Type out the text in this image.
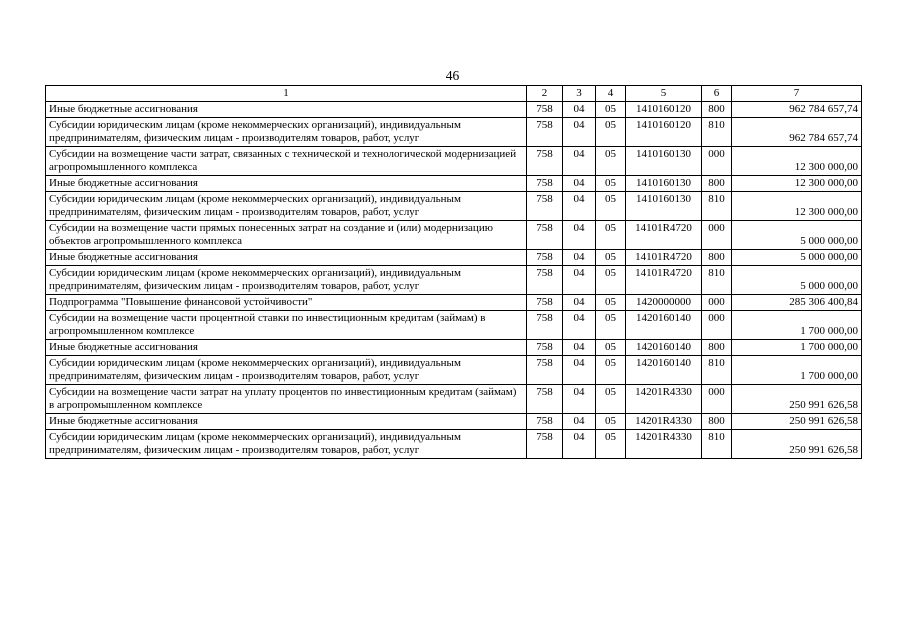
46
1	2	3	4	5	6	7
Иные бюджетные ассигнования	758	04	05	1410160120	800	962 784 657,74
Субсидии юридическим лицам (кроме некоммерческих организаций), индивидуальным предпринимателям, физическим лицам - производителям товаров, работ, услуг	758	04	05	1410160120	810	962 784 657,74
Субсидии на возмещение части затрат, связанных с технической и технологической модернизацией агропромышленного комплекса	758	04	05	1410160130	000	12 300 000,00
Иные бюджетные ассигнования	758	04	05	1410160130	800	12 300 000,00
Субсидии юридическим лицам (кроме некоммерческих организаций), индивидуальным предпринимателям, физическим лицам - производителям товаров, работ, услуг	758	04	05	1410160130	810	12 300 000,00
Субсидии на возмещение части прямых понесенных затрат на создание и (или) модернизацию объектов агропромышленного комплекса	758	04	05	14101R4720	000	5 000 000,00
Иные бюджетные ассигнования	758	04	05	14101R4720	800	5 000 000,00
Субсидии юридическим лицам (кроме некоммерческих организаций), индивидуальным предпринимателям, физическим лицам - производителям товаров, работ, услуг	758	04	05	14101R4720	810	5 000 000,00
Подпрограмма "Повышение финансовой устойчивости"	758	04	05	1420000000	000	285 306 400,84
Субсидии на возмещение части процентной ставки по инвестиционным кредитам (займам) в агропромышленном комплексе	758	04	05	1420160140	000	1 700 000,00
Иные бюджетные ассигнования	758	04	05	1420160140	800	1 700 000,00
Субсидии юридическим лицам (кроме некоммерческих организаций), индивидуальным предпринимателям, физическим лицам - производителям товаров, работ, услуг	758	04	05	1420160140	810	1 700 000,00
Субсидии на возмещение части затрат на уплату процентов по инвестиционным кредитам (займам) в агропромышленном комплексе	758	04	05	14201R4330	000	250 991 626,58
Иные бюджетные ассигнования	758	04	05	14201R4330	800	250 991 626,58
Субсидии юридическим лицам (кроме некоммерческих организаций), индивидуальным предпринимателям, физическим лицам - производителям товаров, работ, услуг	758	04	05	14201R4330	810	250 991 626,58
